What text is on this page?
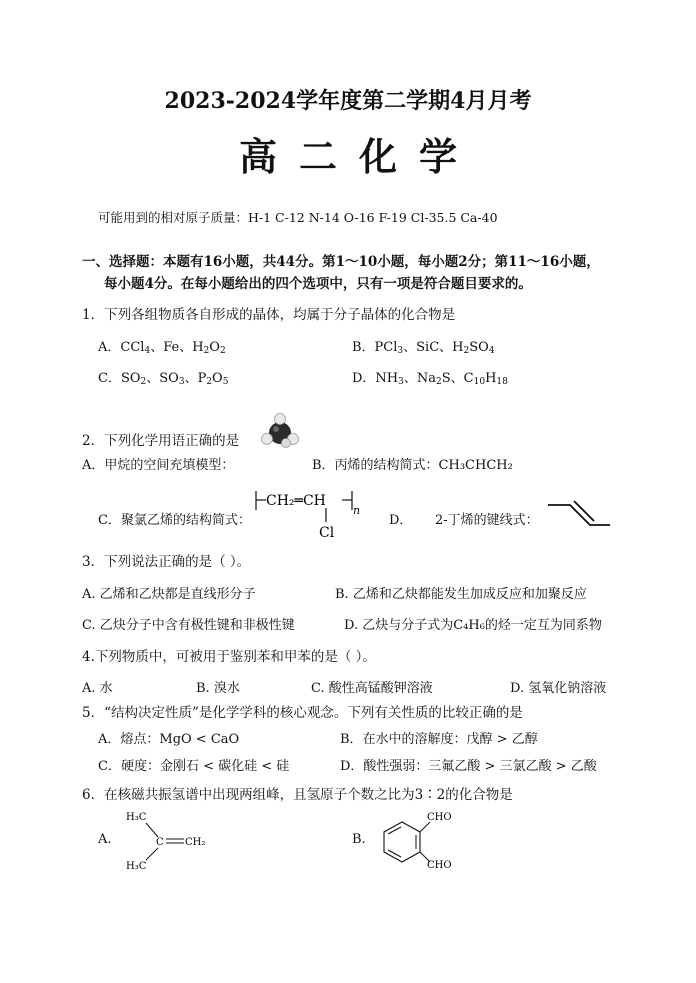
2023-2024学年度第二学期4月月考
高二化学
可能用到的相对原子质量：H-1 C-12 N-14 O-16 F-19 Cl-35.5 Ca-40
一、选择题：本题有16小题，共44分。第1～10小题，每小题2分；第11～16小题，
每小题4分。在每小题给出的四个选项中，只有一项是符合题目要求的。
1．下列各组物质各自形成的晶体，均属于分子晶体的化合物是
A．CCl$_4$、Fe、$H_2O_2$	B．PCl$_3$、SiC、$H_2SO_4$
C．$SO_2$、$SO_3$、$P_2O_5$	D．$NH_3$、$Na_2S$、$C_{10}H_{18}$
2．下列化学用语正确的是
A．甲烷的空间充填模型：	B．丙烯的结构简式：CH₃CHCH₂
C．聚氯乙烯的结构简式：
CH₂═CH
n
Cl
D． 2-丁烯的键线式：
3．下列说法正确的是（ ）。
A. 乙烯和乙炔都是直线形分子	B. 乙烯和乙炔都能发生加成反应和加聚反应
C. 乙炔分子中含有极性键和非极性键	D. 乙炔与分子式为C₄H₆的烃一定互为同系物
4.下列物质中，可被用于鉴别苯和甲苯的是（ ）。
A. 水	B. 溴水	C. 酸性高锰酸钾溶液	D. 氢氧化钠溶液
5．“结构决定性质”是化学学科的核心观念。下列有关性质的比较正确的是
A．熔点：MgO < CaO	B．在水中的溶解度：戊醇 > 乙醇
C．硬度：金刚石 < 碳化硅 < 硅	D．酸性强弱：三氟乙酸 > 三氯乙酸 > 乙酸
6．在核磁共振氢谱中出现两组峰，且氢原子个数之比为3∶2的化合物是
A.
H₃C
C CH₂
H₃C
B.
CHO
CHO
